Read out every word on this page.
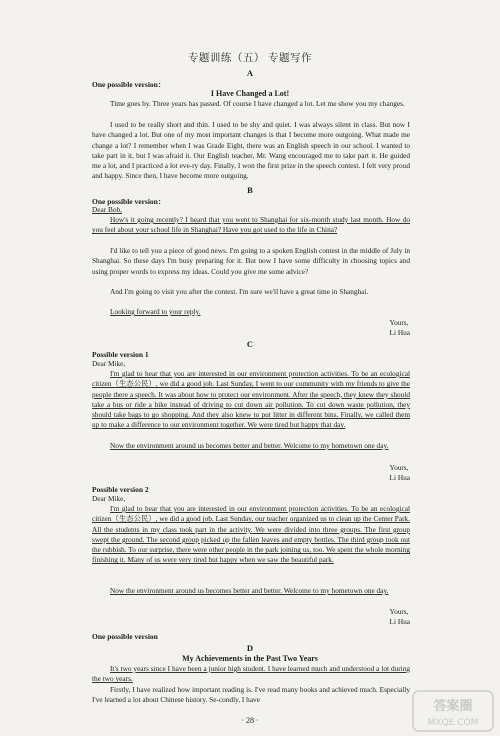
专题训练（五） 专题写作
A
One possible version：
I Have Changed a Lot!
Time goes by. Three years has passed. Of course I have changed a lot. Let me show you my changes.
I used to be really short and thin. I used to be shy and quiet. I was always silent in class. But now I have changed a lot. But one of my most important changes is that I become more outgoing. What made me change a lot? I remember when I was Grade Eight, there was an English speech in our school. I wanted to take part in it, but I was afraid it. Our English teacher, Mr. Wang encouraged me to take part it. He guided me a lot, and I practiced a lot eve-ry day. Finally, I won the first prize in the speech contest. I felt very proud and happy. Since then, I have become more outgoing.
B
One possible version：
Dear Bob,
How's it going recently? I heard that you went to Shanghai for six-month study last month. How do you feel about your school life in Shanghai? Have you got used to the life in China?
I'd like to tell you a piece of good news. I'm going to a spoken English contest in the middle of July in Shanghai. So these days I'm busy preparing for it. But now I have some difficulty in choosing topics and using proper words to express my ideas. Could you give me some advice?
And I'm going to visit you after the contest. I'm sure we'll have a great time in Shanghai.
Looking forward to your reply.
Yours,
Li Hua
C
Possible version 1
Dear Mike,
I'm glad to hear that you are interested in our environment protection activities. To be an ecological citizen（生态公民）, we did a good job. Last Sunday, I went to our community with my friends to give the people there a speech. It was about how to protect our environment. After the speech, they knew they should take a bus or ride a bike instead of driving to cut down air pollution. To cut down waste pollution, they should take bags to go shopping. And they also knew to put litter in different bins. Finally, we called them up to make a difference to our environment together. We were tired but happy that day.
Now the environment around us becomes better and better. Welcome to my hometown one day.
Yours,
Li Hua
Possible version 2
Dear Mike,
I'm glad to hear that you are interested in our environment protection activities. To be an ecological citizen（生态公民）, we did a good job. Last Sunday, our teacher organized us to clean up the Center Park. All the students in my class took part in the activity. We were divided into three groups. The first group swept the ground. The second group picked up the fallen leaves and empty bottles. The third group took out the rubbish. To our surprise, there were other people in the park joining us, too. We spent the whole morning finishing it. Many of us were very tired but happy when we saw the beautiful park.
Now the environment around us becomes better and better. Welcome to my hometown one day.
Yours,
Li Hua
One possible version
D
My Achievements in the Past Two Years
It's two years since I have been a junior high student. I have learned much and understood a lot during the two years.
Firstly, I have realized how important reading is. I've read many books and achieved much. Especially I've learned a lot about Chinese history. Se-condly, I have
· 28 ·
答案圈
MXQE.COM
